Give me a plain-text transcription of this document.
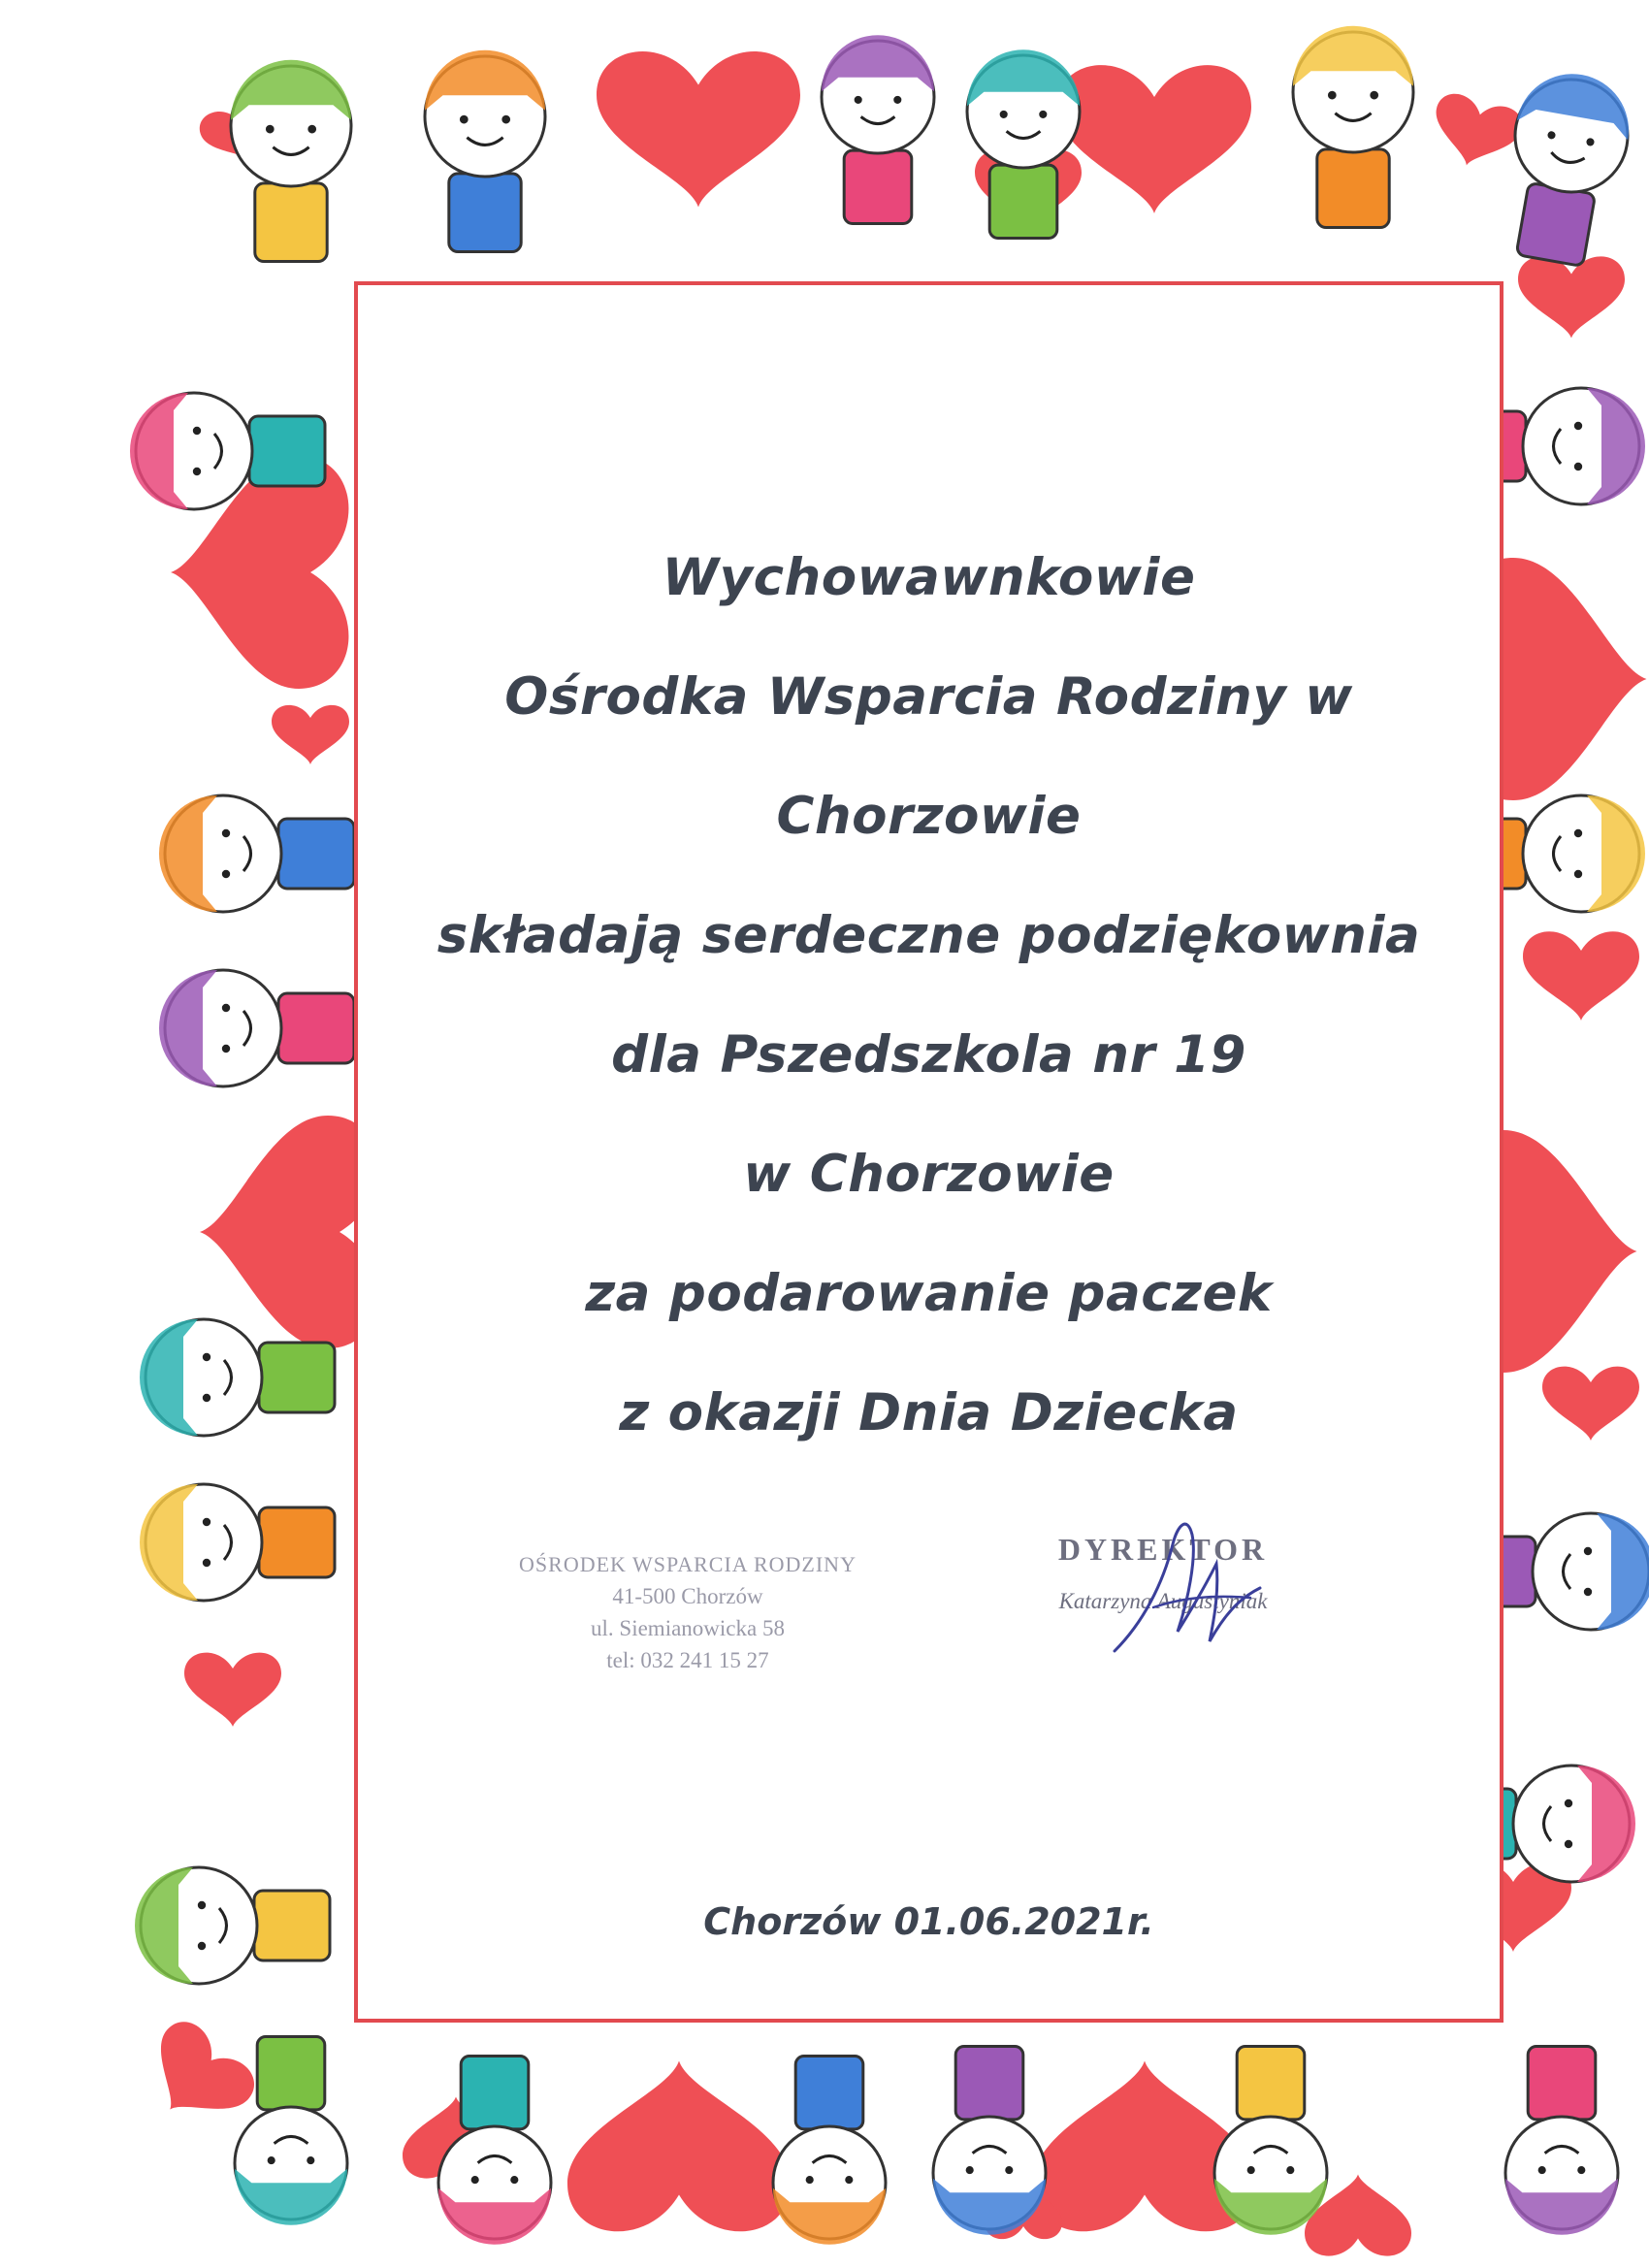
Wychowawnkowie
Ośrodka Wsparcia Rodziny w
Chorzowie
składają serdeczne podziękownia
dla Pszedszkola nr 19
w Chorzowie
za podarowanie paczek
z okazji Dnia Dziecka
OŚRODEK WSPARCIA RODZINY
41-500 Chorzów
ul. Siemianowicka 58
tel: 032 241 15 27
DYREKTOR
Katarzyna Augustyniak
Chorzów 01.06.2021r.
